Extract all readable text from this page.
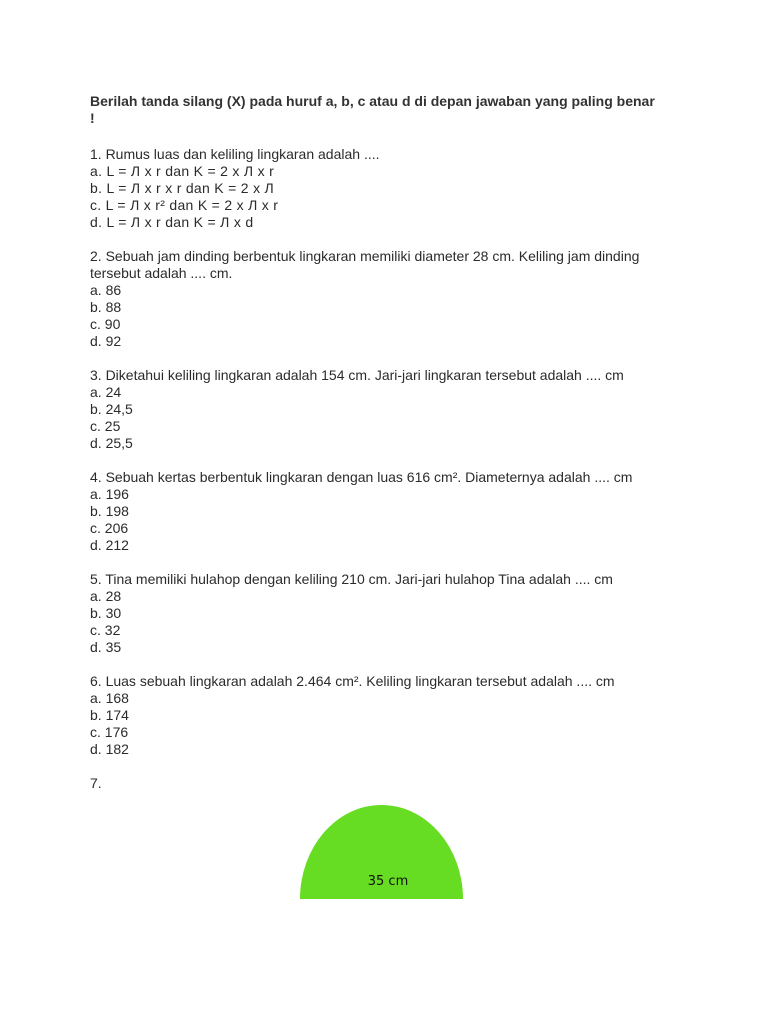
Berilah tanda silang (X) pada huruf a, b, c atau d di depan jawaban yang paling benar
!
1. Rumus luas dan keliling lingkaran adalah ....
a. L = Л x r dan K = 2 x Л x r
b. L = Л x r x r dan K = 2 x Л
c. L = Л x r² dan K = 2 x Л x r
d. L = Л x r dan K = Л x d
2. Sebuah jam dinding berbentuk lingkaran memiliki diameter 28 cm. Keliling jam dinding
tersebut adalah .... cm.
a. 86
b. 88
c. 90
d. 92
3. Diketahui keliling lingkaran adalah 154 cm. Jari-jari lingkaran tersebut adalah .... cm
a. 24
b. 24,5
c. 25
d. 25,5
4. Sebuah kertas berbentuk lingkaran dengan luas 616 cm². Diameternya adalah .... cm
a. 196
b. 198
c. 206
d. 212
5. Tina memiliki hulahop dengan keliling 210 cm. Jari-jari hulahop Tina adalah .... cm
a. 28
b. 30
c. 32
d. 35
6. Luas sebuah lingkaran adalah 2.464 cm². Keliling lingkaran tersebut adalah .... cm
a. 168
b. 174
c. 176
d. 182
7.
35 cm
